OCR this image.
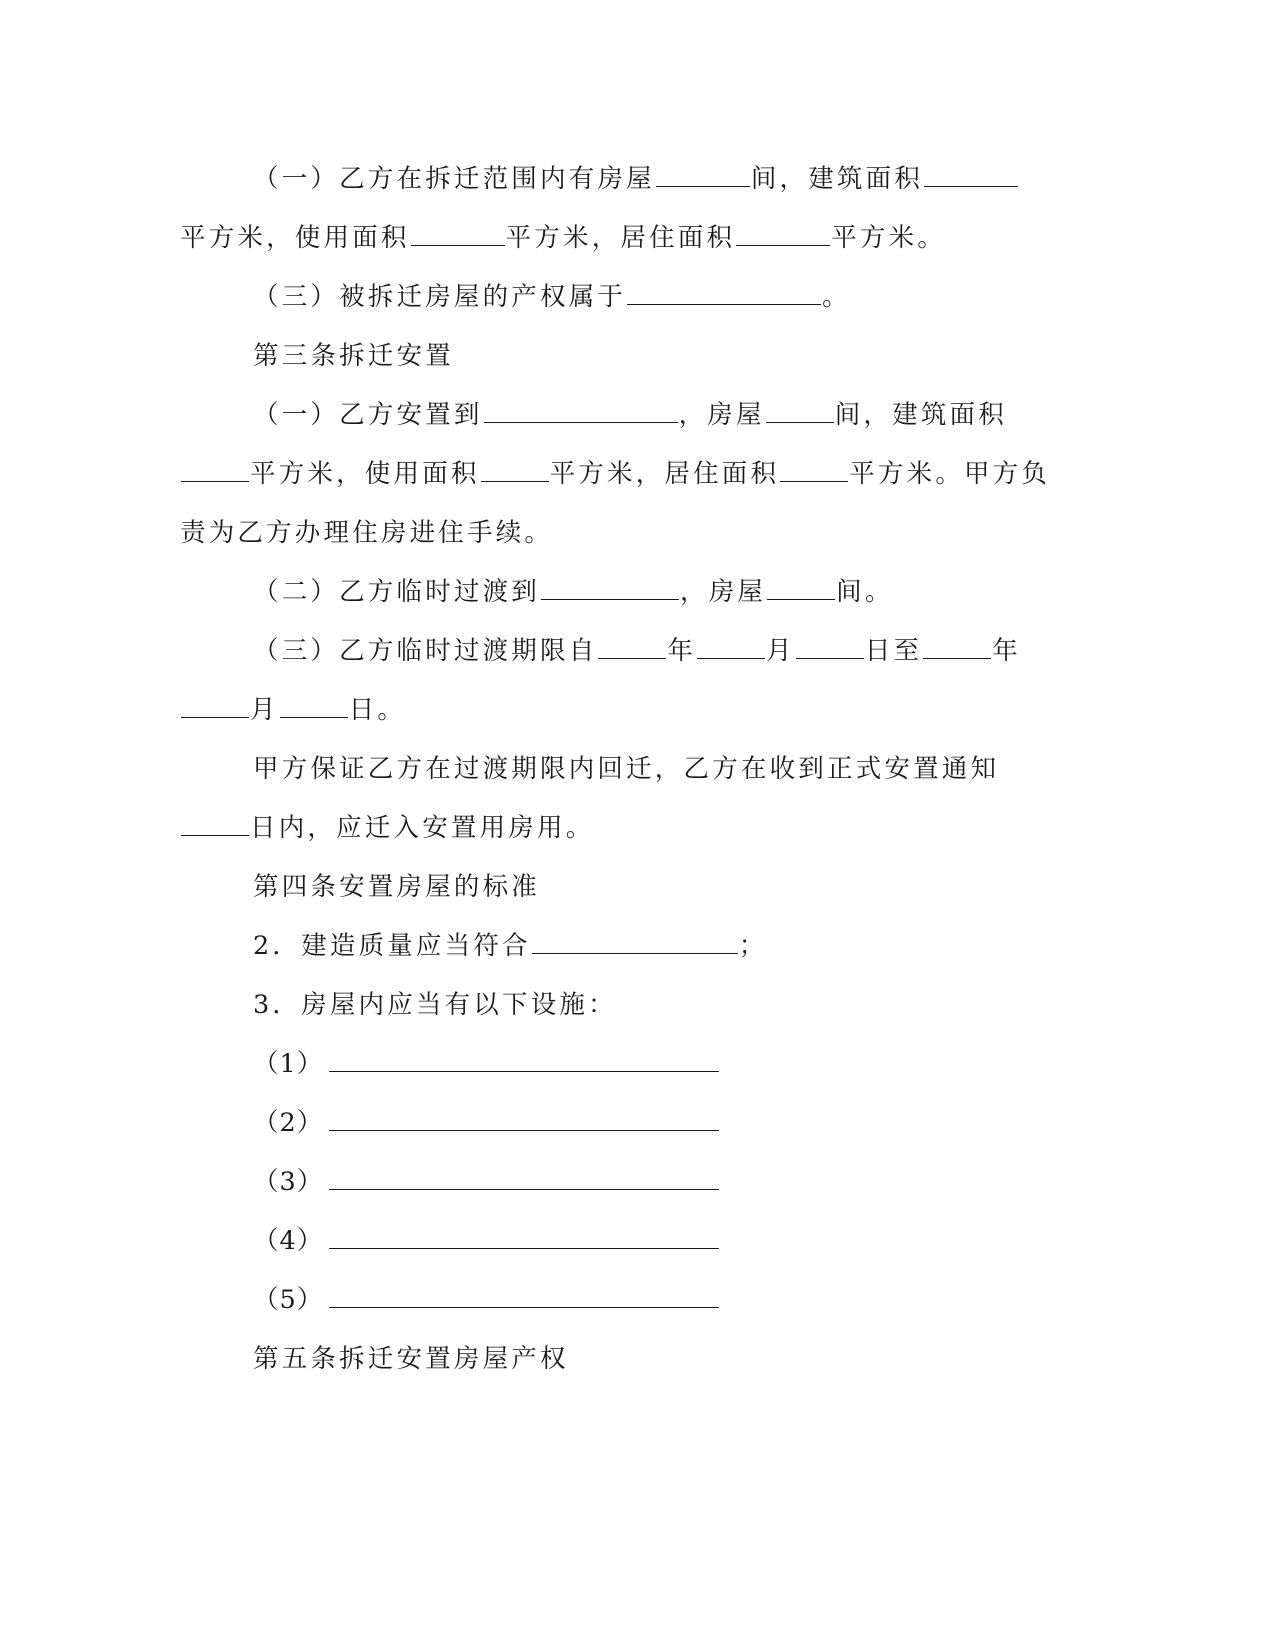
（一）乙方在拆迁范围内有房屋	间，建筑面积
平方米，使用面积	平方米，居住面积	平方米。
（三）被拆迁房屋的产权属于	。
第三条拆迁安置
（一）乙方安置到	，房屋	间，建筑面积
平方米，使用面积	平方米，居住面积	平方米。甲方负
责为乙方办理住房进住手续。
（二）乙方临时过渡到	，房屋	间。
（三）乙方临时过渡期限自	年	月	日至	年
月	日。
甲方保证乙方在过渡期限内回迁，乙方在收到正式安置通知
日内，应迁入安置用房用。
第四条安置房屋的标准
2．建造质量应当符合	；
3．房屋内应当有以下设施：
（1）
（2）
（3）
（4）
（5）
第五条拆迁安置房屋产权
